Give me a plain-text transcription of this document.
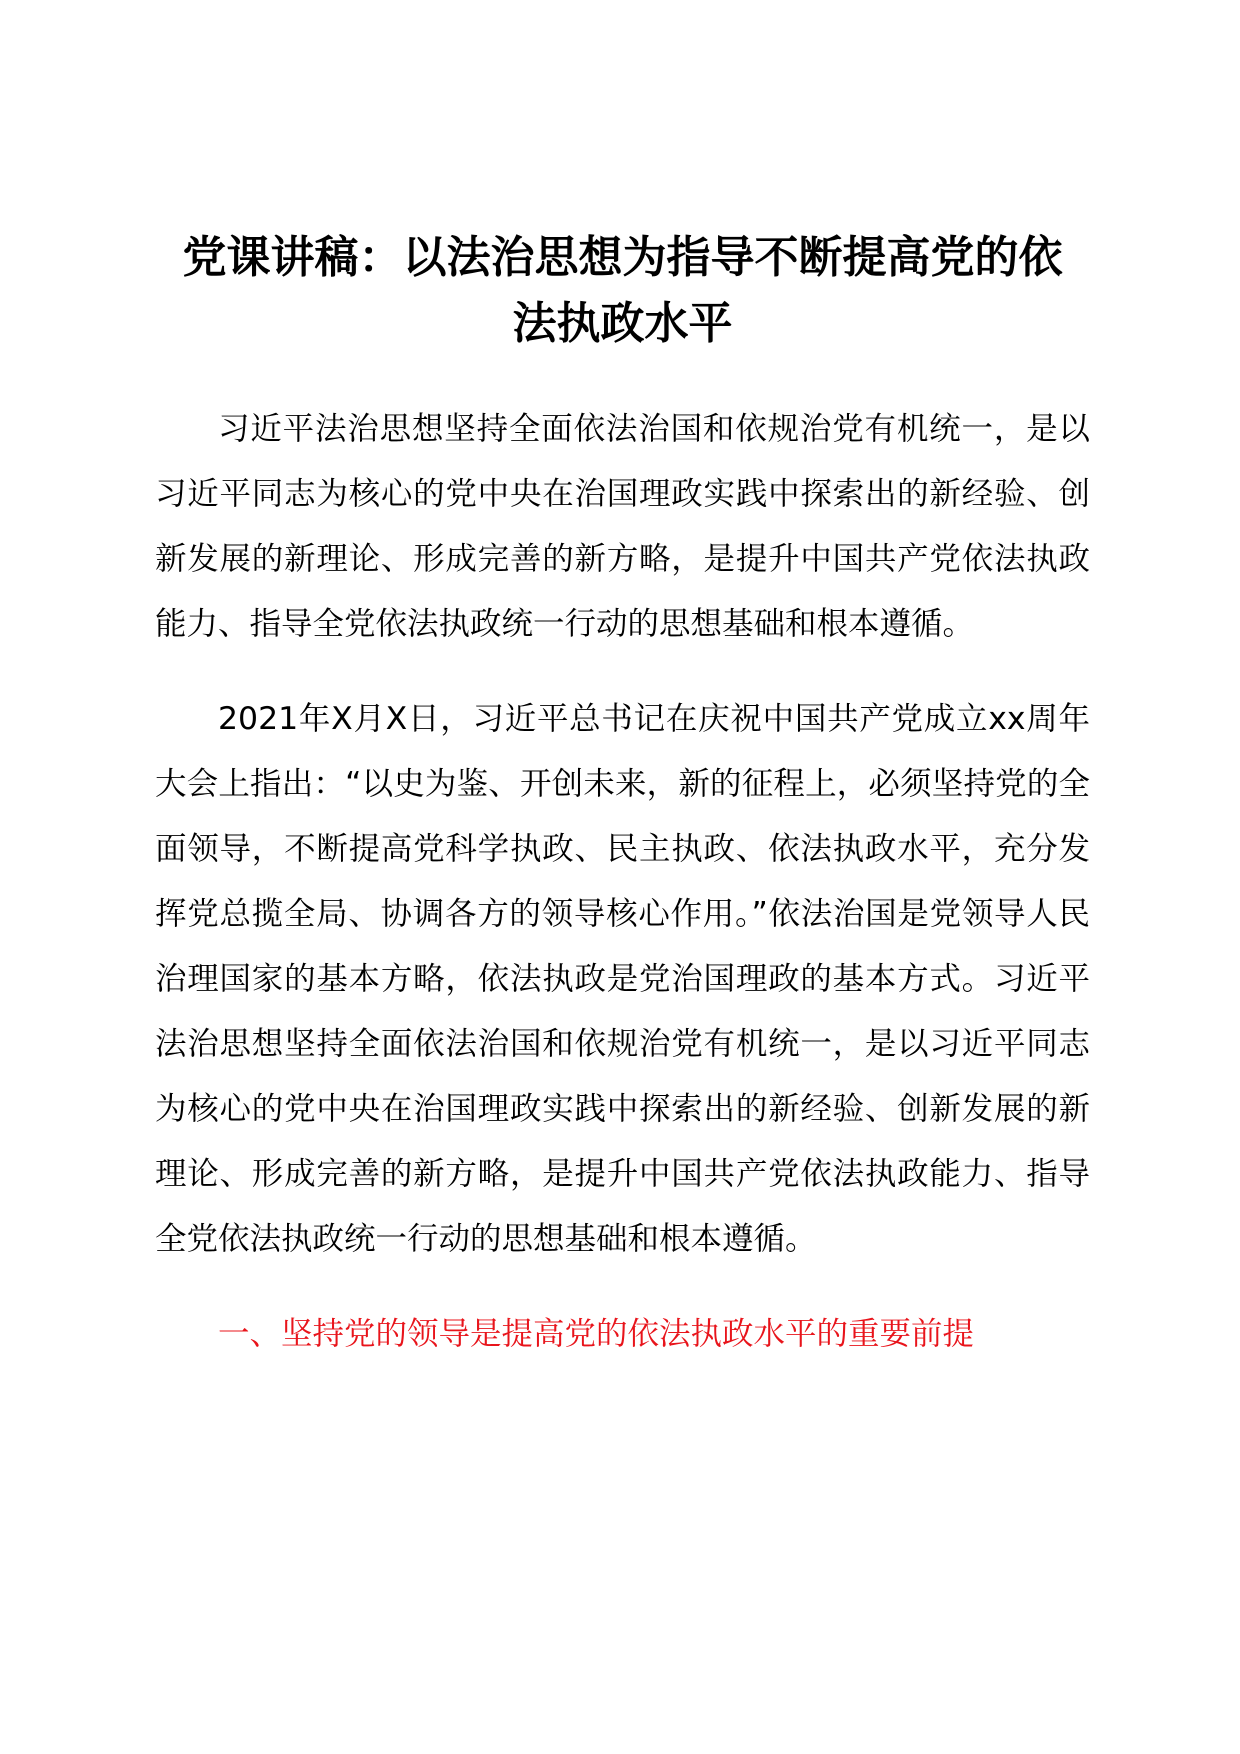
党课讲稿：以法治思想为指导不断提高党的依
法执政水平

习近平法治思想坚持全面依法治国和依规治党有机统一，是以习近平同志为核心的党中央在治国理政实践中探索出的新经验、创新发展的新理论、形成完善的新方略，是提升中国共产党依法执政能力、指导全党依法执政统一行动的思想基础和根本遵循。

2021年X月X日，习近平总书记在庆祝中国共产党成立xx周年大会上指出：“以史为鉴、开创未来，新的征程上，必须坚持党的全面领导，不断提高党科学执政、民主执政、依法执政水平，充分发挥党总揽全局、协调各方的领导核心作用。”依法治国是党领导人民治理国家的基本方略，依法执政是党治国理政的基本方式。习近平法治思想坚持全面依法治国和依规治党有机统一，是以习近平同志为核心的党中央在治国理政实践中探索出的新经验、创新发展的新理论、形成完善的新方略，是提升中国共产党依法执政能力、指导全党依法执政统一行动的思想基础和根本遵循。

一、坚持党的领导是提高党的依法执政水平的重要前提
